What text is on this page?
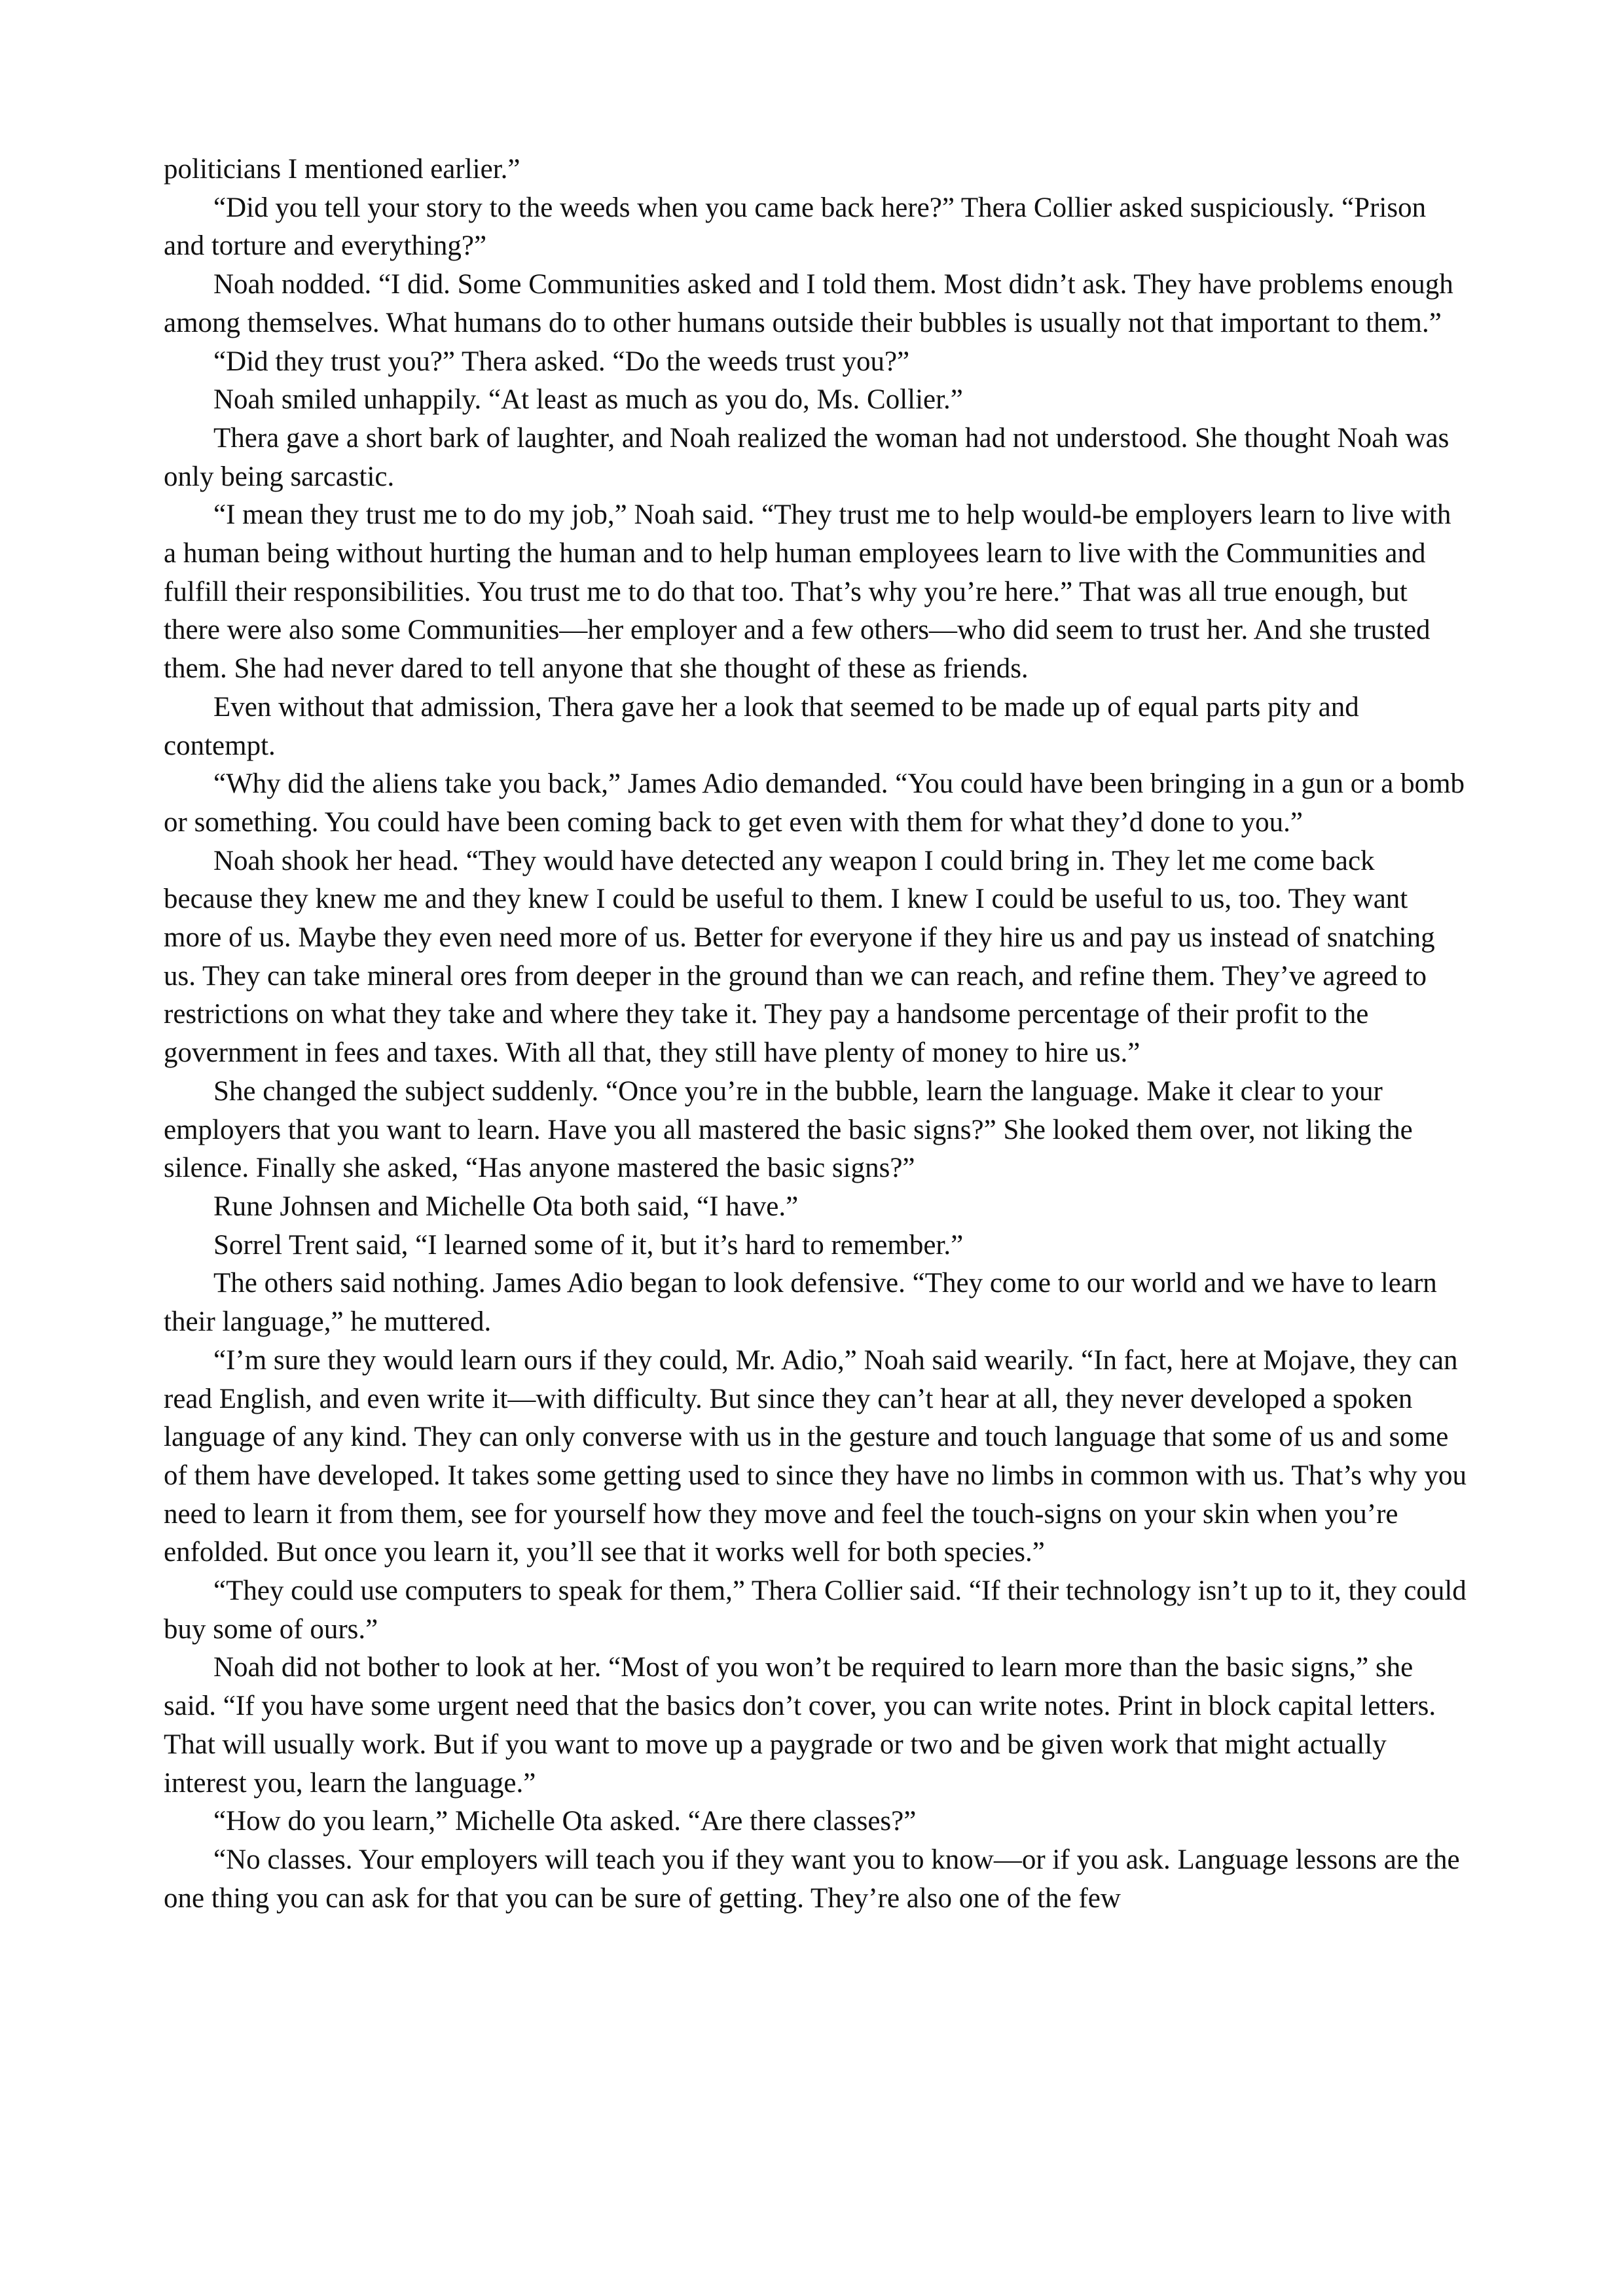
politicians I mentioned earlier.”

“Did you tell your story to the weeds when you came back here?” Thera Collier asked suspiciously. “Prison and torture and everything?”

Noah nodded. “I did. Some Communities asked and I told them. Most didn’t ask. They have problems enough among themselves. What humans do to other humans outside their bubbles is usually not that important to them.”

“Did they trust you?” Thera asked. “Do the weeds trust you?”

Noah smiled unhappily. “At least as much as you do, Ms. Collier.”

Thera gave a short bark of laughter, and Noah realized the woman had not understood. She thought Noah was only being sarcastic.

“I mean they trust me to do my job,” Noah said. “They trust me to help would-be employers learn to live with a human being without hurting the human and to help human employees learn to live with the Communities and fulfill their responsibilities. You trust me to do that too. That’s why you’re here.” That was all true enough, but there were also some Communities—her employer and a few others—who did seem to trust her. And she trusted them. She had never dared to tell anyone that she thought of these as friends.

Even without that admission, Thera gave her a look that seemed to be made up of equal parts pity and contempt.

“Why did the aliens take you back,” James Adio demanded. “You could have been bringing in a gun or a bomb or something. You could have been coming back to get even with them for what they’d done to you.”

Noah shook her head. “They would have detected any weapon I could bring in. They let me come back because they knew me and they knew I could be useful to them. I knew I could be useful to us, too. They want more of us. Maybe they even need more of us. Better for everyone if they hire us and pay us instead of snatching us. They can take mineral ores from deeper in the ground than we can reach, and refine them. They’ve agreed to restrictions on what they take and where they take it. They pay a handsome percentage of their profit to the government in fees and taxes. With all that, they still have plenty of money to hire us.”

She changed the subject suddenly. “Once you’re in the bubble, learn the language. Make it clear to your employers that you want to learn. Have you all mastered the basic signs?” She looked them over, not liking the silence. Finally she asked, “Has anyone mastered the basic signs?”

Rune Johnsen and Michelle Ota both said, “I have.”

Sorrel Trent said, “I learned some of it, but it’s hard to remember.”

The others said nothing. James Adio began to look defensive. “They come to our world and we have to learn their language,” he muttered.

“I’m sure they would learn ours if they could, Mr. Adio,” Noah said wearily. “In fact, here at Mojave, they can read English, and even write it—with difficulty. But since they can’t hear at all, they never developed a spoken language of any kind. They can only converse with us in the gesture and touch language that some of us and some of them have developed. It takes some getting used to since they have no limbs in common with us. That’s why you need to learn it from them, see for yourself how they move and feel the touch-signs on your skin when you’re enfolded. But once you learn it, you’ll see that it works well for both species.”

“They could use computers to speak for them,” Thera Collier said. “If their technology isn’t up to it, they could buy some of ours.”

Noah did not bother to look at her. “Most of you won’t be required to learn more than the basic signs,” she said. “If you have some urgent need that the basics don’t cover, you can write notes. Print in block capital letters. That will usually work. But if you want to move up a paygrade or two and be given work that might actually interest you, learn the language.”

“How do you learn,” Michelle Ota asked. “Are there classes?”

“No classes. Your employers will teach you if they want you to know—or if you ask. Language lessons are the one thing you can ask for that you can be sure of getting. They’re also one of the few
